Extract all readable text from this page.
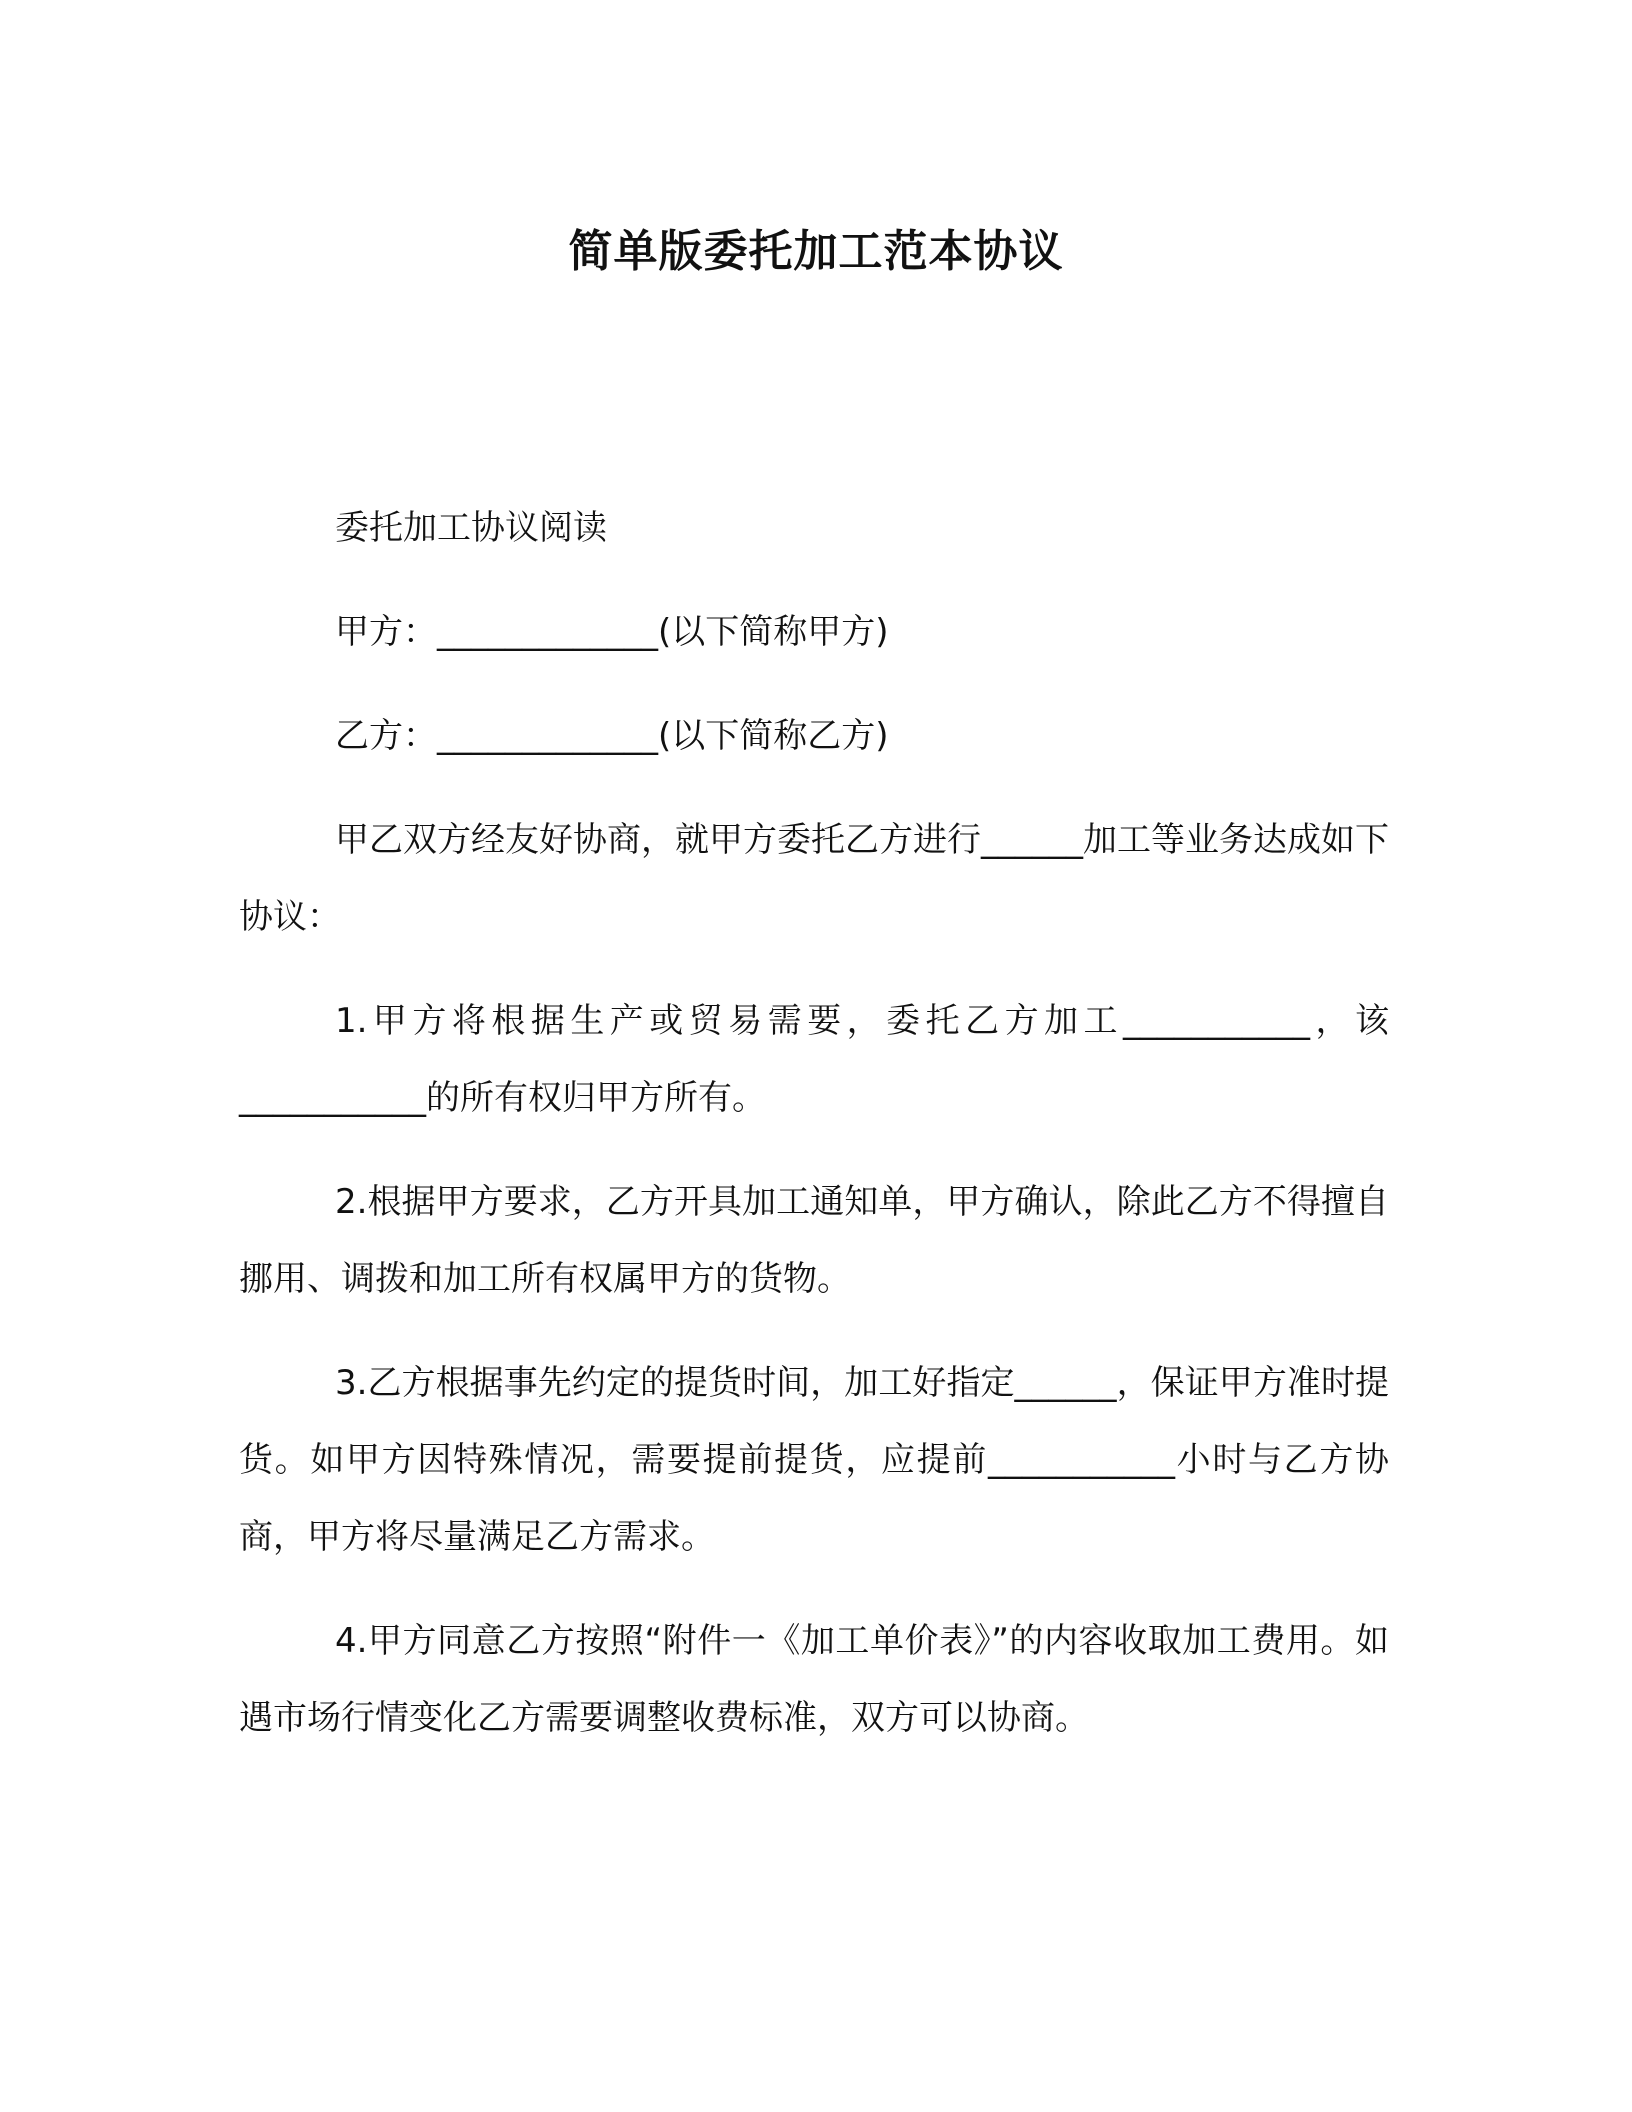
简单版委托加工范本协议

委托加工协议阅读

甲方：_____________(以下简称甲方)

乙方：_____________(以下简称乙方)

甲乙双方经友好协商，就甲方委托乙方进行______加工等业务达成如下协议：

1.甲方将根据生产或贸易需要，委托乙方加工___________，该___________的所有权归甲方所有。

2.根据甲方要求，乙方开具加工通知单，甲方确认，除此乙方不得擅自挪用、调拨和加工所有权属甲方的货物。

3.乙方根据事先约定的提货时间，加工好指定______，保证甲方准时提货。如甲方因特殊情况，需要提前提货，应提前___________小时与乙方协商，甲方将尽量满足乙方需求。

4.甲方同意乙方按照“附件一《加工单价表》”的内容收取加工费用。如遇市场行情变化乙方需要调整收费标准，双方可以协商。
